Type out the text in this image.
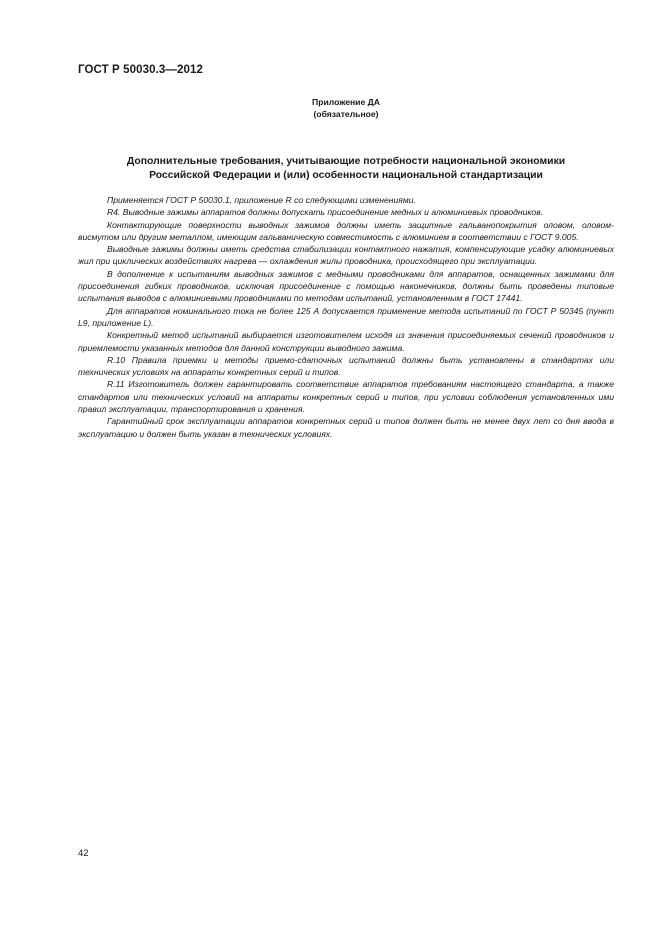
ГОСТ Р 50030.3—2012
Приложение ДА
(обязательное)
Дополнительные требования, учитывающие потребности национальной экономики
Российской Федерации и (или) особенности национальной стандартизации

Применяется ГОСТ Р 50030.1, приложение R со следующими изменениями.

R4. Выводные зажимы аппаратов должны допускать присоединение медных и алюминиевых проводников.

Контактирующие поверхности выводных зажимов должны иметь защитные гальванопокрытия оловом, оловом-висмутом или другим металлом, имеющим гальваническую совместимость с алюминием в соответствии с ГОСТ 9.005.

Выводные зажимы должны иметь средства стабилизации контактного нажатия, компенсирующие усадку алюминиевых жил при циклических воздействиях нагрева — охлаждения жилы проводника, происходящего при эксплуатации.

В дополнение к испытаниям выводных зажимов с медными проводниками для аппаратов, оснащенных зажимами для присоединения гибких проводников, исключая присоединение с помощью наконечников, должны быть проведены типовые испытания выводов с алюминиевыми проводниками по методам испытаний, установленным в ГОСТ 17441.

Для аппаратов номинального тока не более 125 А допускается применение метода испытаний по ГОСТ Р 50345 (пункт L9, приложение L).

Конкретный метод испытаний выбирается изготовителем исходя из значения присоединяемых сечений проводников и приемлемости указанных методов для данной конструкции выводного зажима.

R.10 Правила приемки и методы приемо-сдаточных испытаний должны быть установлены в стандартах или технических условиях на аппараты конкретных серий и типов.

R.11 Изготовитель должен гарантировать соответствие аппаратов требованиям настоящего стандарта, а также стандартов или технических условий на аппараты конкретных серий и типов, при условии соблюдения установленных ими правил эксплуатации, транспортирования и хранения.

Гарантийный срок эксплуатации аппаратов конкретных серий и типов должен быть не менее двух лет со дня ввода в эксплуатацию и должен быть указан в технических условиях.

42
